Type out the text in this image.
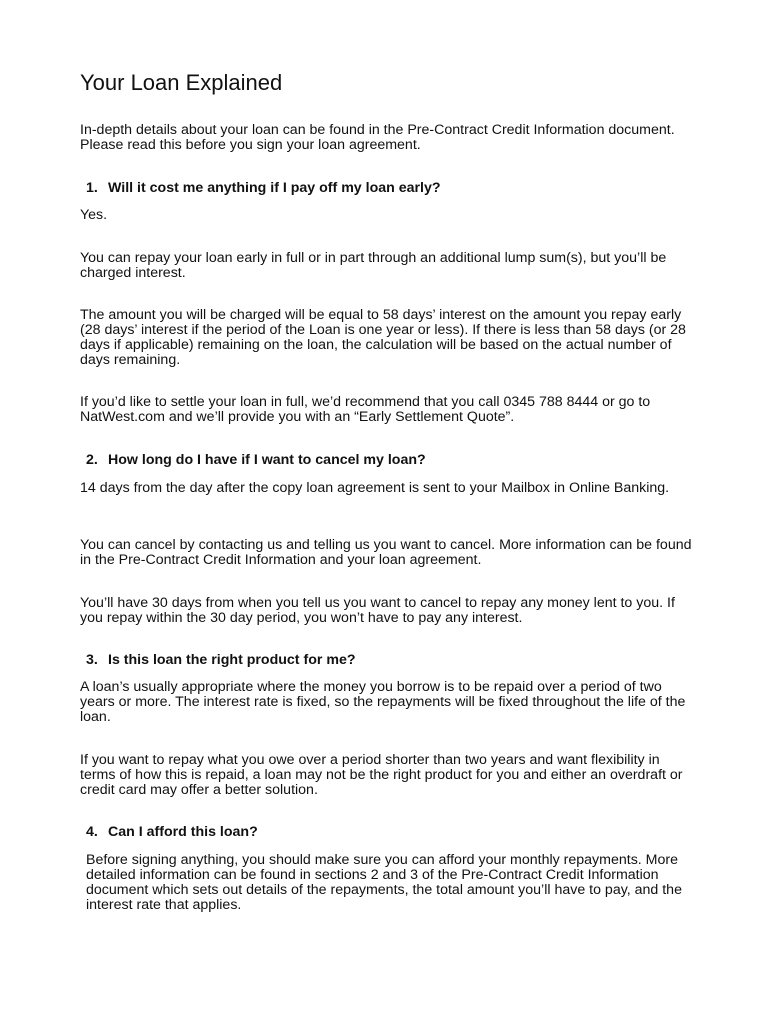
Your Loan Explained

In-depth details about your loan can be found in the Pre-Contract Credit Information document. Please read this before you sign your loan agreement.

1. Will it cost me anything if I pay off my loan early?

Yes.

You can repay your loan early in full or in part through an additional lump sum(s), but you’ll be charged interest.

The amount you will be charged will be equal to 58 days’ interest on the amount you repay early (28 days’ interest if the period of the Loan is one year or less). If there is less than 58 days (or 28 days if applicable) remaining on the loan, the calculation will be based on the actual number of days remaining.

If you’d like to settle your loan in full, we’d recommend that you call 0345 788 8444 or go to NatWest.com and we’ll provide you with an “Early Settlement Quote”.

2. How long do I have if I want to cancel my loan?

14 days from the day after the copy loan agreement is sent to your Mailbox in Online Banking.

You can cancel by contacting us and telling us you want to cancel. More information can be found in the Pre-Contract Credit Information and your loan agreement.

You’ll have 30 days from when you tell us you want to cancel to repay any money lent to you. If you repay within the 30 day period, you won’t have to pay any interest.

3. Is this loan the right product for me?

A loan’s usually appropriate where the money you borrow is to be repaid over a period of two years or more. The interest rate is fixed, so the repayments will be fixed throughout the life of the loan.

If you want to repay what you owe over a period shorter than two years and want flexibility in terms of how this is repaid, a loan may not be the right product for you and either an overdraft or credit card may offer a better solution.

4. Can I afford this loan?

Before signing anything, you should make sure you can afford your monthly repayments. More detailed information can be found in sections 2 and 3 of the Pre-Contract Credit Information document which sets out details of the repayments, the total amount you’ll have to pay, and the interest rate that applies.
